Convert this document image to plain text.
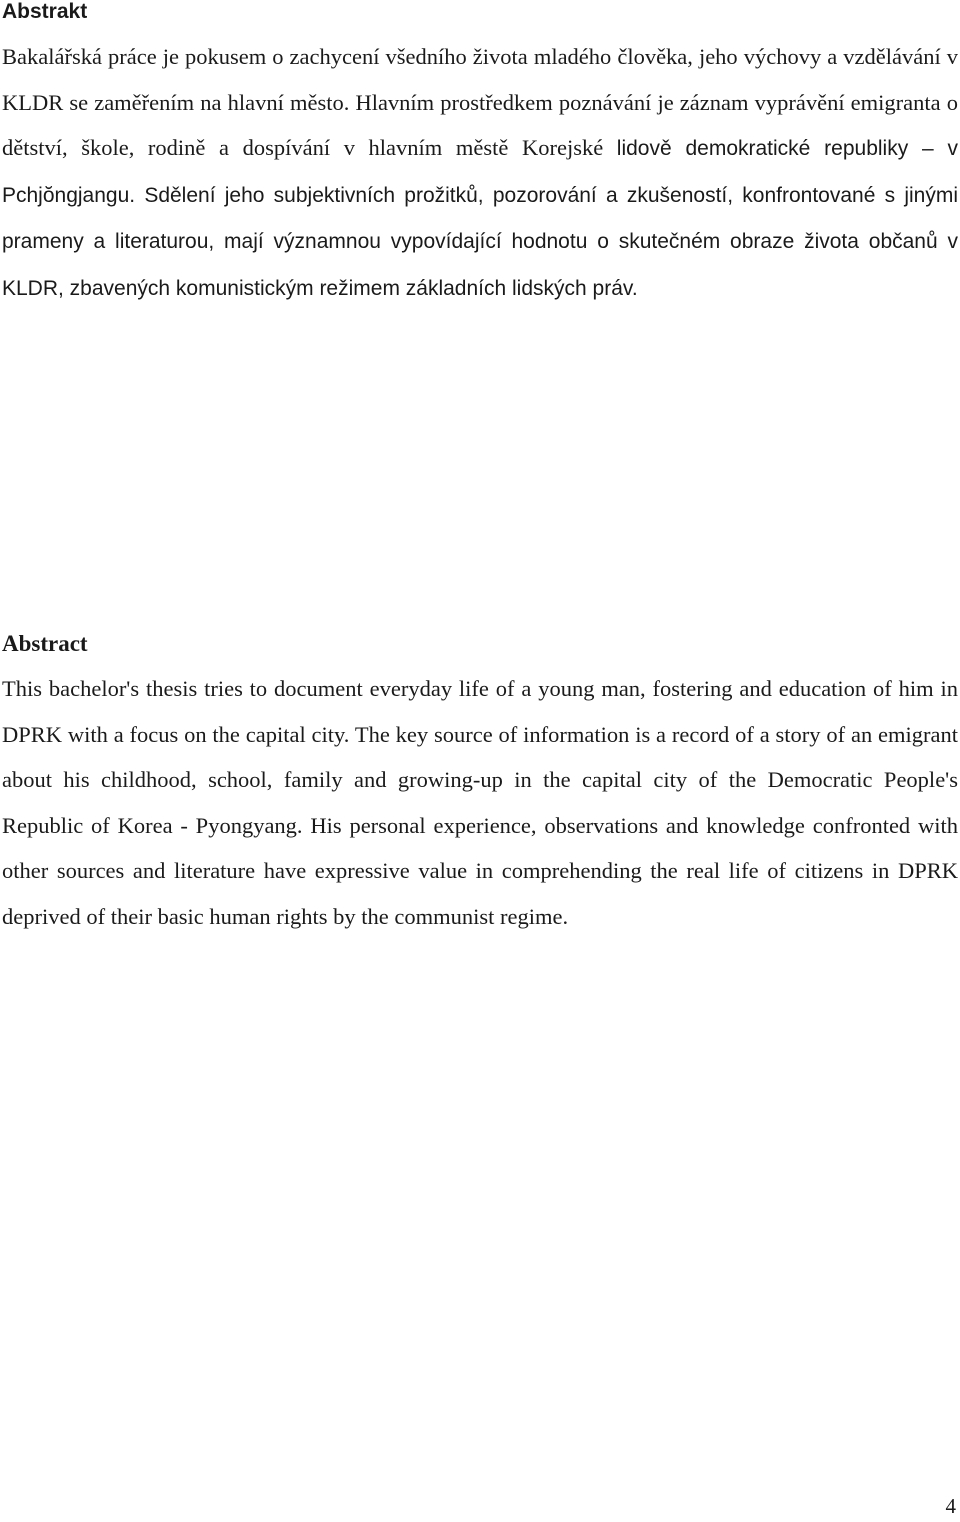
Abstrakt

Bakalářská práce je pokusem o zachycení všedního života mladého člověka, jeho výchovy a vzdělávání v KLDR se zaměřením na hlavní město. Hlavním prostředkem poznávání je záznam vyprávění emigranta o dětství, škole, rodině a dospívání v hlavním městě Korejské lidově demokratické republiky – v Pchjŏngjangu. Sdělení jeho subjektivních prožitků, pozorování a zkušeností, konfrontované s jinými prameny a literaturou, mají významnou vypovídající hodnotu o skutečném obraze života občanů v KLDR, zbavených komunistickým režimem základních lidských práv.

Abstract

This bachelor's thesis tries to document everyday life of a young man, fostering and education of him in DPRK with a focus on the capital city. The key source of information is a record of a story of an emigrant about his childhood, school, family and growing-up in the capital city of the Democratic People's Republic of Korea - Pyongyang. His personal experience, observations and knowledge confronted with other sources and literature have expressive value in comprehending the real life of citizens in DPRK deprived of their basic human rights by the communist regime.

4
